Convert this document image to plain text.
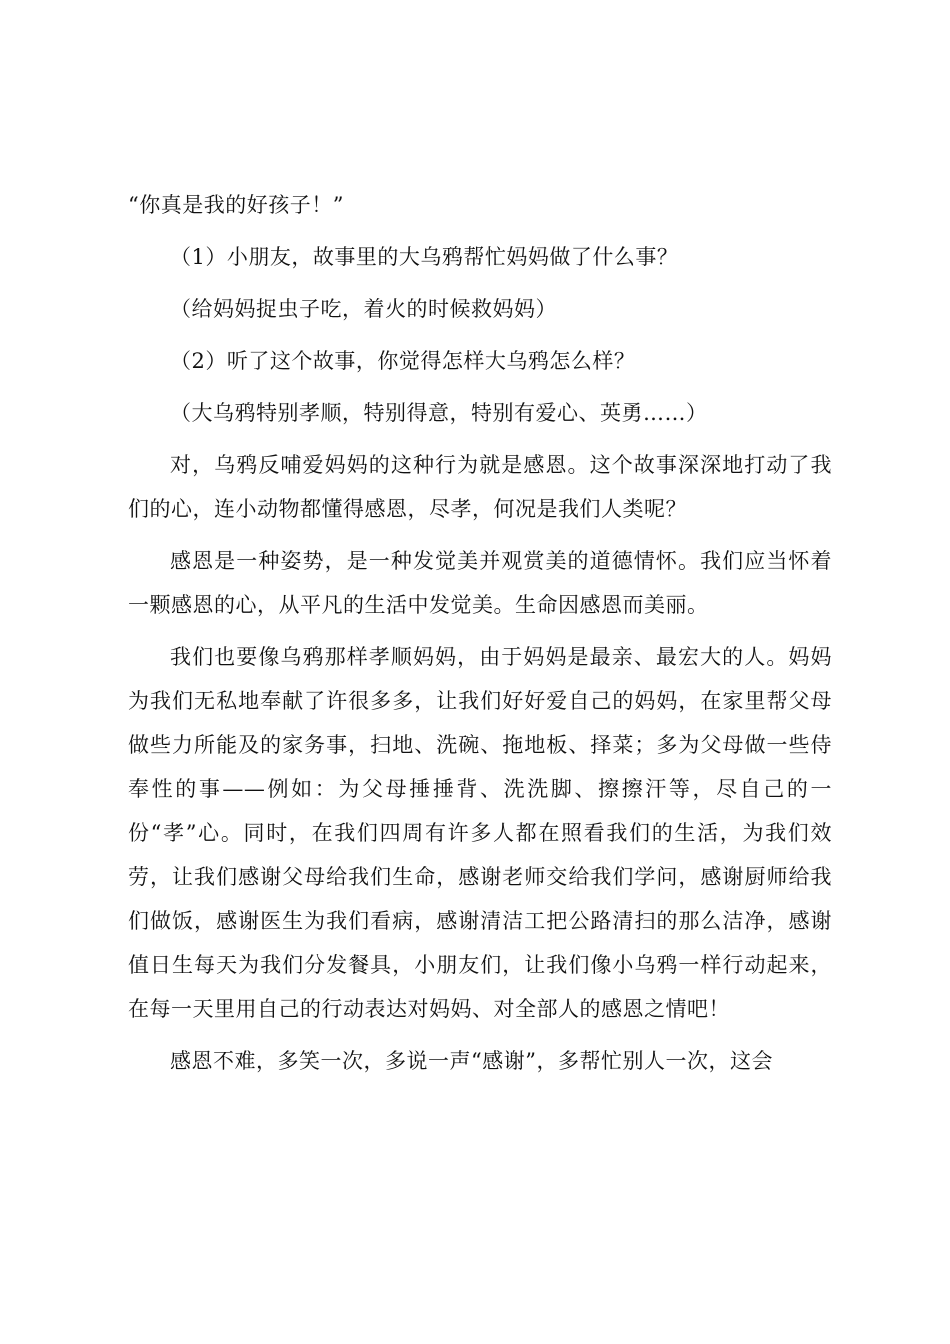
“你真是我的好孩子！”

（1）小朋友，故事里的大乌鸦帮忙妈妈做了什么事？

（给妈妈捉虫子吃，着火的时候救妈妈）

（2）听了这个故事，你觉得怎样大乌鸦怎么样？

（大乌鸦特别孝顺，特别得意，特别有爱心、英勇……）

对，乌鸦反哺爱妈妈的这种行为就是感恩。这个故事深深地打动了我们的心，连小动物都懂得感恩，尽孝，何况是我们人类呢？

感恩是一种姿势，是一种发觉美并观赏美的道德情怀。我们应当怀着一颗感恩的心，从平凡的生活中发觉美。生命因感恩而美丽。

我们也要像乌鸦那样孝顺妈妈，由于妈妈是最亲、最宏大的人。妈妈为我们无私地奉献了许很多多，让我们好好爱自己的妈妈，在家里帮父母做些力所能及的家务事，扫地、洗碗、拖地板、择菜；多为父母做一些侍奉性的事——例如：为父母捶捶背、洗洗脚、擦擦汗等，尽自己的一份“孝”心。同时，在我们四周有许多人都在照看我们的生活，为我们效劳，让我们感谢父母给我们生命，感谢老师交给我们学问，感谢厨师给我们做饭，感谢医生为我们看病，感谢清洁工把公路清扫的那么洁净，感谢值日生每天为我们分发餐具，小朋友们，让我们像小乌鸦一样行动起来，在每一天里用自己的行动表达对妈妈、对全部人的感恩之情吧！

感恩不难，多笑一次，多说一声“感谢”，多帮忙别人一次，这会
